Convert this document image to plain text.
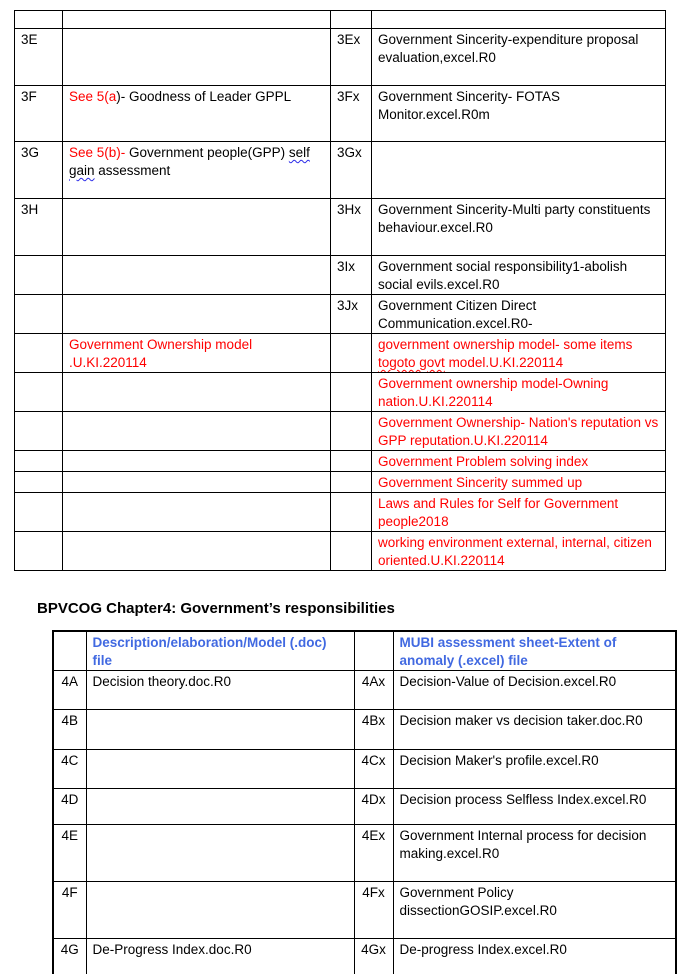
3E		3Ex	Government Sincerity-expenditure proposal evaluation,excel.R0
3F	See 5(a)- Goodness of Leader GPPL	3Fx	Government Sincerity- FOTAS Monitor.excel.R0m
3G	See 5(b)- Government people(GPP) self gain assessment	3Gx	
3H		3Hx	Government Sincerity-Multi party constituents behaviour.excel.R0
		3Ix	Government social responsibility1-abolish social evils.excel.R0
		3Jx	Government Citizen Direct Communication.excel.R0-
	Government Ownership model .U.KI.220114		government ownership model- some items togoto govt model.U.KI.220114
			Government ownership model-Owning nation.U.KI.220114
			Government Ownership- Nation's reputation vs GPP reputation.U.KI.220114
			Government Problem solving index
			Government Sincerity summed up
			Laws and Rules for Self for Government people2018
			working environment external, internal, citizen oriented.U.KI.220114
BPVCOG Chapter4: Government’s responsibilities
	Description/elaboration/Model (.doc) file		MUBI assessment sheet-Extent of anomaly (.excel) file
4A	Decision theory.doc.R0	4Ax	Decision-Value of Decision.excel.R0
4B		4Bx	Decision maker vs decision taker.doc.R0
4C		4Cx	Decision Maker's profile.excel.R0
4D		4Dx	Decision process Selfless Index.excel.R0
4E		4Ex	Government Internal process for decision making.excel.R0
4F		4Fx	Government Policy dissectionGOSIP.excel.R0
4G	De-Progress Index.doc.R0	4Gx	De-progress Index.excel.R0
